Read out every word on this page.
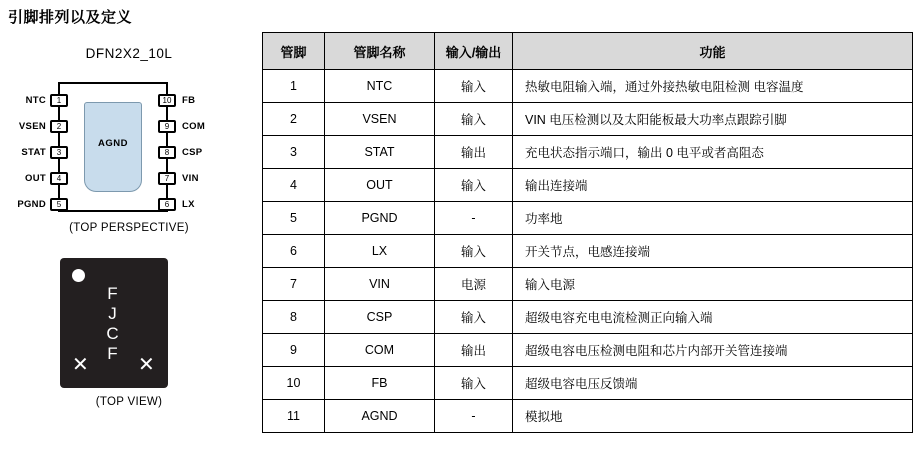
引脚排列以及定义
DFN2X2_10L
AGND
1
NTC
2
VSEN
3
STAT
4
OUT
5
PGND
10 FB
9	COM
8	CSP
7	VIN
6	LX
(TOP PERSPECTIVE)
FJCF
✕ ✕
(TOP VIEW)
管脚	管脚名称	输入/输出	功能
1	NTC	输入	热敏电阻输入端，通过外接热敏电阻检测 电容温度
2	VSEN	输入	VIN 电压检测以及太阳能板最大功率点跟踪引脚
3	STAT	输出	充电状态指示端口，输出 0 电平或者高阻态
4	OUT	输入	输出连接端
5	PGND	-	功率地
6	LX	输入	开关节点，电感连接端
7	VIN	电源	输入电源
8	CSP	输入	超级电容充电电流检测正向输入端
9	COM	输出	超级电容电压检测电阻和芯片内部开关管连接端
10	FB	输入	超级电容电压反馈端
11	AGND	-	模拟地
